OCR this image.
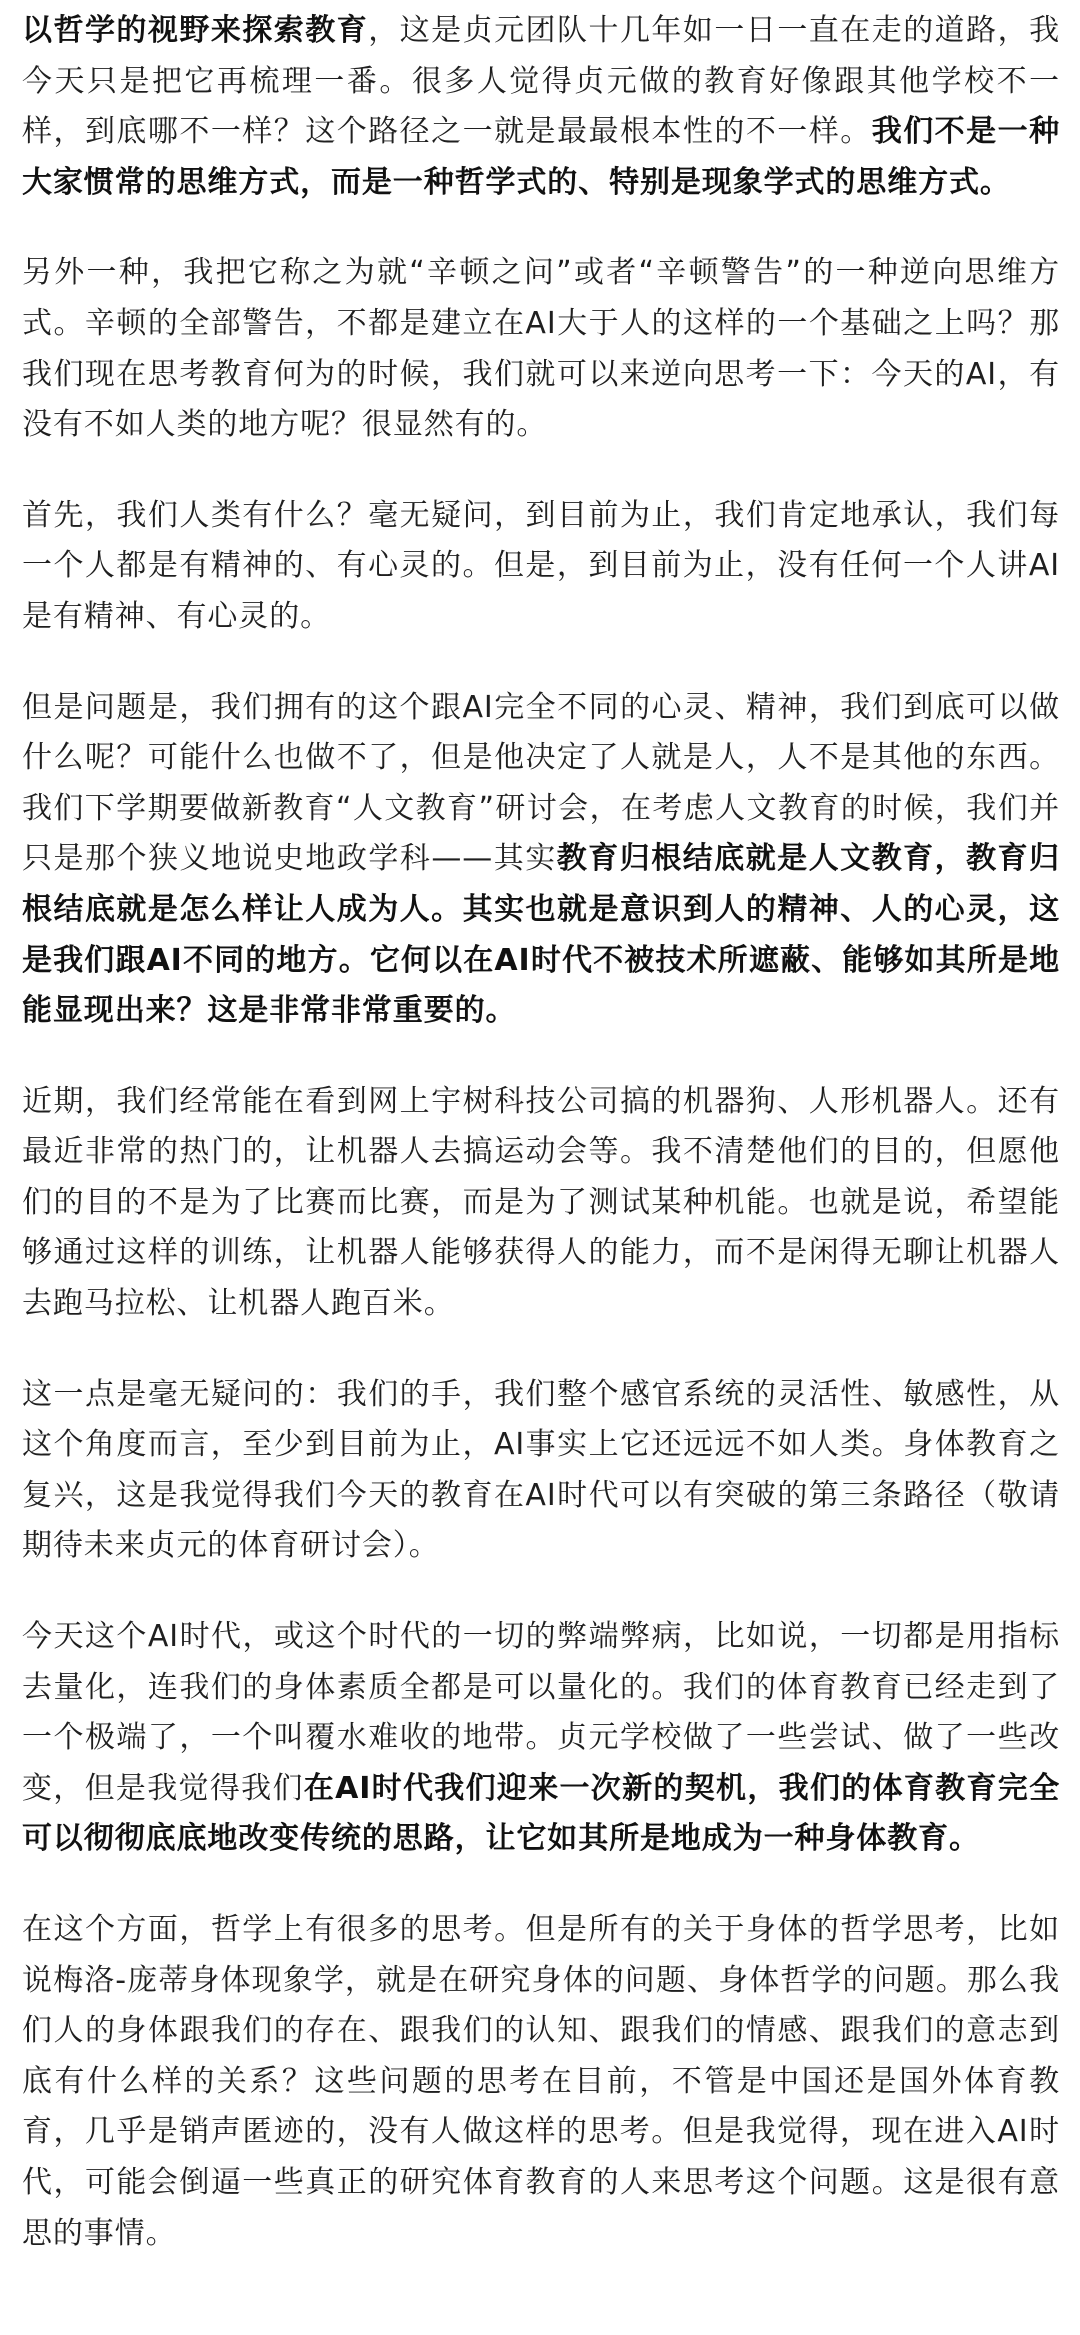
以哲学的视野来探索教育，这是贞元团队十几年如一日一直在走的道路，我今天只是把它再梳理一番。很多人觉得贞元做的教育好像跟其他学校不一样，到底哪不一样？这个路径之一就是最最根本性的不一样。我们不是一种大家惯常的思维方式，而是一种哲学式的、特别是现象学式的思维方式。

另外一种，我把它称之为就“辛顿之问”或者“辛顿警告”的一种逆向思维方式。辛顿的全部警告，不都是建立在AI大于人的这样的一个基础之上吗？那我们现在思考教育何为的时候，我们就可以来逆向思考一下：今天的AI，有没有不如人类的地方呢？很显然有的。

首先，我们人类有什么？毫无疑问，到目前为止，我们肯定地承认，我们每一个人都是有精神的、有心灵的。但是，到目前为止，没有任何一个人讲AI是有精神、有心灵的。

但是问题是，我们拥有的这个跟AI完全不同的心灵、精神，我们到底可以做什么呢？可能什么也做不了，但是他决定了人就是人，人不是其他的东西。我们下学期要做新教育“人文教育”研讨会，在考虑人文教育的时候，我们并只是那个狭义地说史地政学科——其实教育归根结底就是人文教育，教育归根结底就是怎么样让人成为人。其实也就是意识到人的精神、人的心灵，这是我们跟AI不同的地方。它何以在AI时代不被技术所遮蔽、能够如其所是地能显现出来？这是非常非常重要的。

近期，我们经常能在看到网上宇树科技公司搞的机器狗、人形机器人。还有最近非常的热门的，让机器人去搞运动会等。我不清楚他们的目的，但愿他们的目的不是为了比赛而比赛，而是为了测试某种机能。也就是说，希望能够通过这样的训练，让机器人能够获得人的能力，而不是闲得无聊让机器人去跑马拉松、让机器人跑百米。

这一点是毫无疑问的：我们的手，我们整个感官系统的灵活性、敏感性，从这个角度而言，至少到目前为止，AI事实上它还远远不如人类。身体教育之复兴，这是我觉得我们今天的教育在AI时代可以有突破的第三条路径（敬请期待未来贞元的体育研讨会）。

今天这个AI时代，或这个时代的一切的弊端弊病，比如说，一切都是用指标去量化，连我们的身体素质全都是可以量化的。我们的体育教育已经走到了一个极端了，一个叫覆水难收的地带。贞元学校做了一些尝试、做了一些改变，但是我觉得我们在AI时代我们迎来一次新的契机，我们的体育教育完全可以彻彻底底地改变传统的思路，让它如其所是地成为一种身体教育。

在这个方面，哲学上有很多的思考。但是所有的关于身体的哲学思考，比如说梅洛-庞蒂身体现象学，就是在研究身体的问题、身体哲学的问题。那么我们人的身体跟我们的存在、跟我们的认知、跟我们的情感、跟我们的意志到底有什么样的关系？这些问题的思考在目前，不管是中国还是国外体育教育，几乎是销声匿迹的，没有人做这样的思考。但是我觉得，现在进入AI时代，可能会倒逼一些真正的研究体育教育的人来思考这个问题。这是很有意思的事情。
